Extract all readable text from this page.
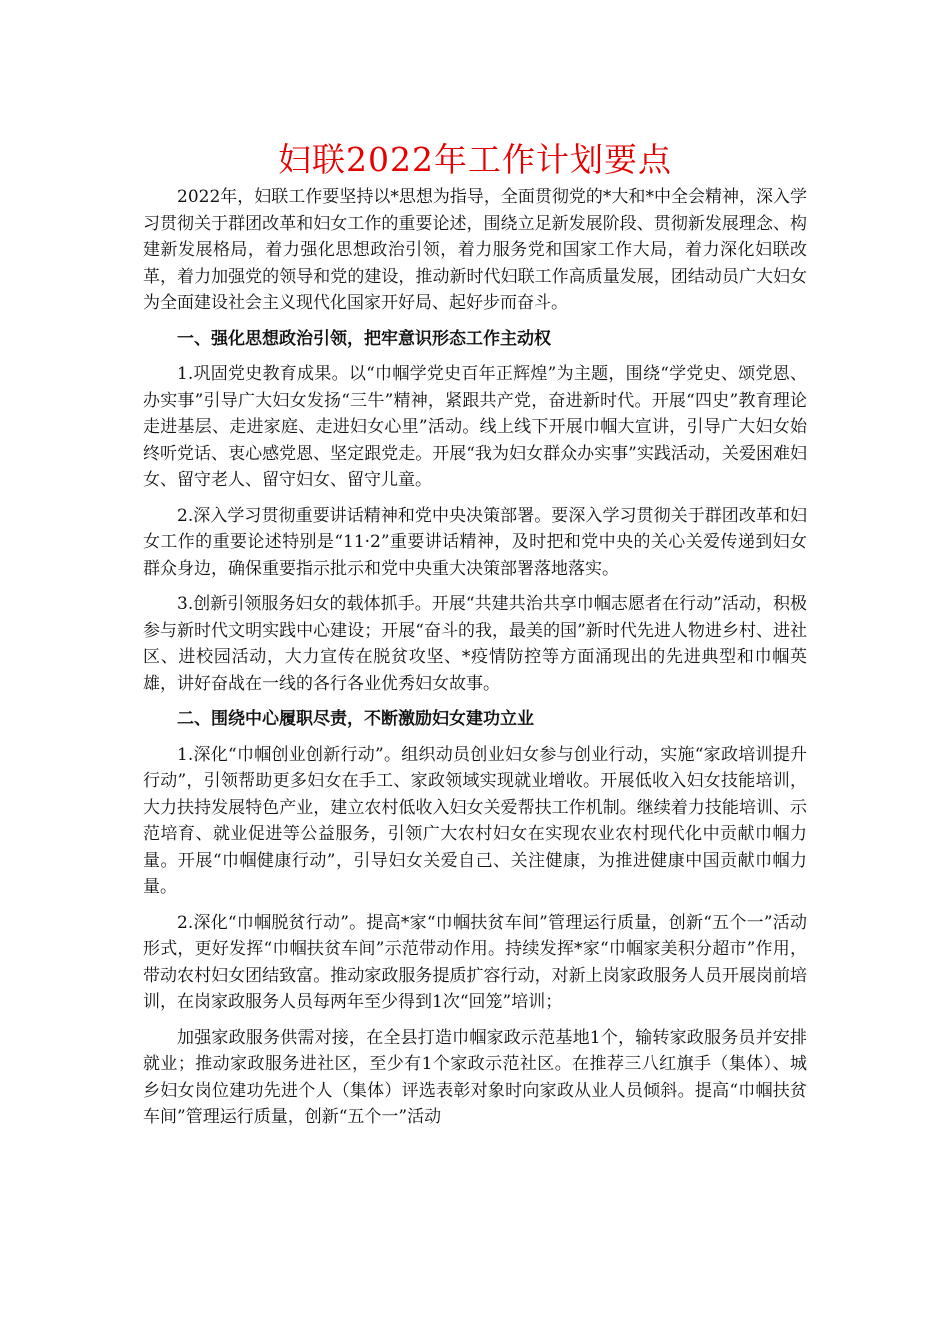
妇联2022年工作计划要点

2022年，妇联工作要坚持以*思想为指导，全面贯彻党的*大和*中全会精神，深入学习贯彻关于群团改革和妇女工作的重要论述，围绕立足新发展阶段、贯彻新发展理念、构建新发展格局，着力强化思想政治引领，着力服务党和国家工作大局，着力深化妇联改革，着力加强党的领导和党的建设，推动新时代妇联工作高质量发展，团结动员广大妇女为全面建设社会主义现代化国家开好局、起好步而奋斗。

一、强化思想政治引领，把牢意识形态工作主动权

1.巩固党史教育成果。以“巾帼学党史百年正辉煌”为主题，围绕“学党史、颂党恩、办实事”引导广大妇女发扬“三牛”精神，紧跟共产党，奋进新时代。开展“四史”教育理论走进基层、走进家庭、走进妇女心里”活动。线上线下开展巾帼大宣讲，引导广大妇女始终听党话、衷心感党恩、坚定跟党走。开展“我为妇女群众办实事”实践活动，关爱困难妇女、留守老人、留守妇女、留守儿童。

2.深入学习贯彻重要讲话精神和党中央决策部署。要深入学习贯彻关于群团改革和妇女工作的重要论述特别是“11·2”重要讲话精神，及时把和党中央的关心关爱传递到妇女群众身边，确保重要指示批示和党中央重大决策部署落地落实。

3.创新引领服务妇女的载体抓手。开展“共建共治共享巾帼志愿者在行动”活动，积极参与新时代文明实践中心建设；开展“奋斗的我，最美的国”新时代先进人物进乡村、进社区、进校园活动，大力宣传在脱贫攻坚、*疫情防控等方面涌现出的先进典型和巾帼英雄，讲好奋战在一线的各行各业优秀妇女故事。

二、围绕中心履职尽责，不断激励妇女建功立业

1.深化“巾帼创业创新行动”。组织动员创业妇女参与创业行动，实施“家政培训提升行动”，引领帮助更多妇女在手工、家政领域实现就业增收。开展低收入妇女技能培训，大力扶持发展特色产业，建立农村低收入妇女关爱帮扶工作机制。继续着力技能培训、示范培育、就业促进等公益服务，引领广大农村妇女在实现农业农村现代化中贡献巾帼力量。开展“巾帼健康行动”，引导妇女关爱自己、关注健康，为推进健康中国贡献巾帼力量。

2.深化“巾帼脱贫行动”。提高*家“巾帼扶贫车间”管理运行质量，创新“五个一”活动形式，更好发挥“巾帼扶贫车间”示范带动作用。持续发挥*家“巾帼家美积分超市”作用，带动农村妇女团结致富。推动家政服务提质扩容行动，对新上岗家政服务人员开展岗前培训，在岗家政服务人员每两年至少得到1次“回笼”培训；

加强家政服务供需对接，在全县打造巾帼家政示范基地1个，输转家政服务员并安排就业；推动家政服务进社区，至少有1个家政示范社区。在推荐三八红旗手（集体）、城乡妇女岗位建功先进个人（集体）评选表彰对象时向家政从业人员倾斜。提高“巾帼扶贫车间”管理运行质量，创新“五个一”活动
